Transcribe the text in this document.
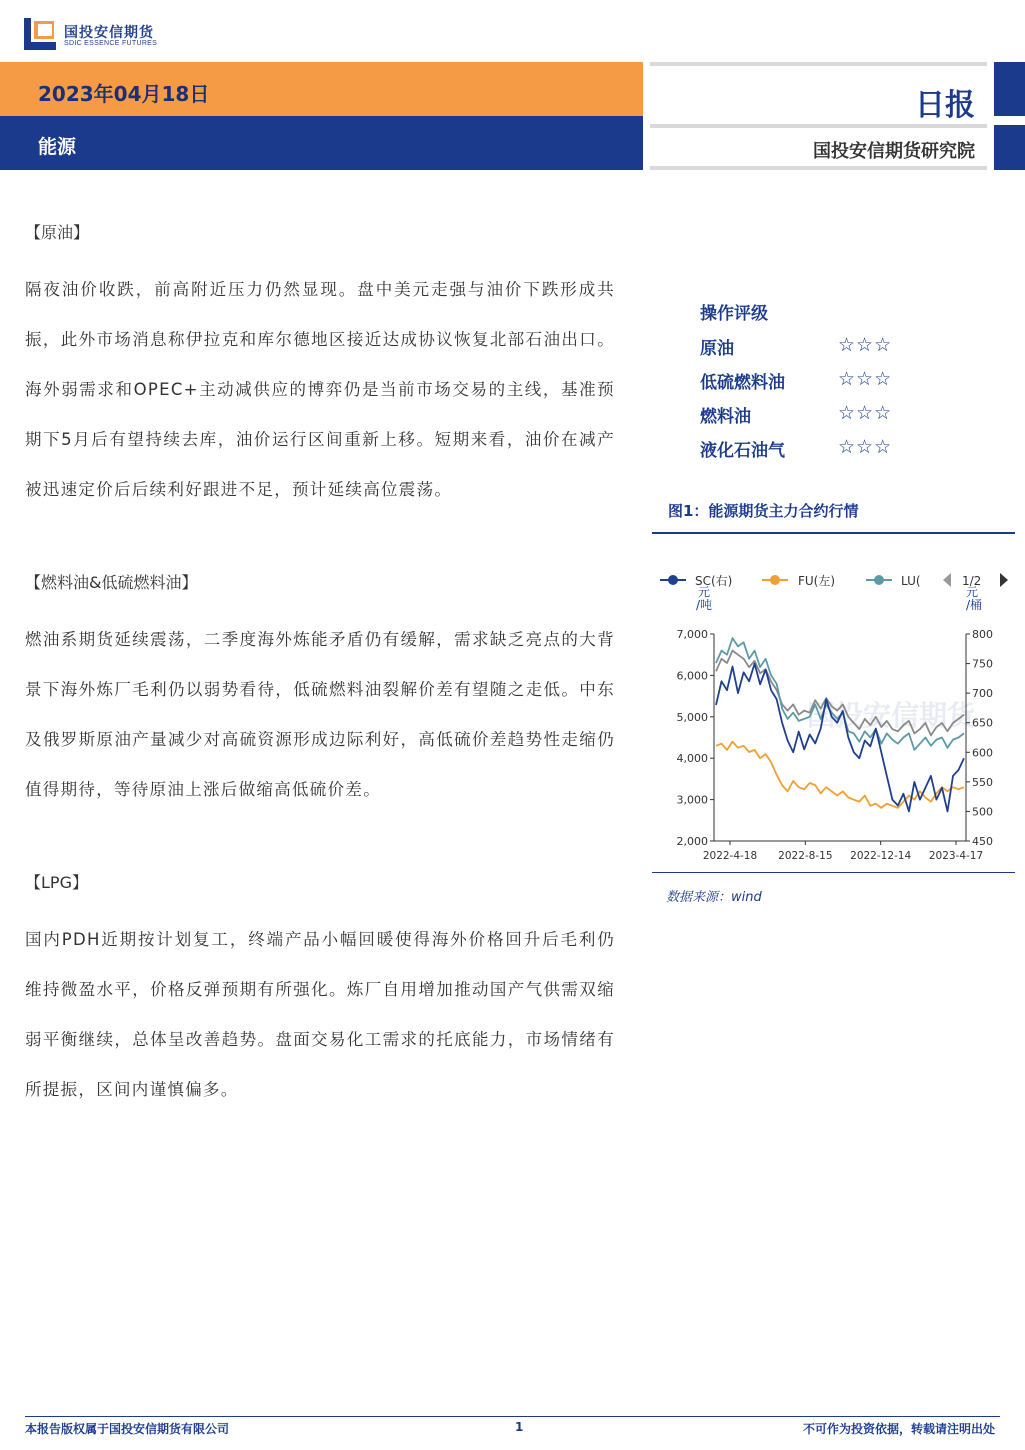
国投安信期货
SDIC ESSENCE FUTURES
2023年04月18日
能源
日报
国投安信期货研究院
【原油】

隔夜油价收跌，前高附近压力仍然显现。盘中美元走强与油价下跌形成共振，此外市场消息称伊拉克和库尔德地区接近达成协议恢复北部石油出口。海外弱需求和OPEC+主动减供应的博弈仍是当前市场交易的主线，基准预期下5月后有望持续去库，油价运行区间重新上移。短期来看，油价在减产被迅速定价后后续利好跟进不足，预计延续高位震荡。

【燃料油&低硫燃料油】

燃油系期货延续震荡，二季度海外炼能矛盾仍有缓解，需求缺乏亮点的大背景下海外炼厂毛利仍以弱势看待，低硫燃料油裂解价差有望随之走低。中东及俄罗斯原油产量减少对高硫资源形成边际利好，高低硫价差趋势性走缩仍值得期待，等待原油上涨后做缩高低硫价差。

【LPG】

国内PDH近期按计划复工，终端产品小幅回暖使得海外价格回升后毛利仍维持微盈水平，价格反弹预期有所强化。炼厂自用增加推动国产气供需双缩弱平衡继续，总体呈改善趋势。盘面交易化工需求的托底能力，市场情绪有所提振，区间内谨慎偏多。

操作评级
原油	☆☆☆
低硫燃料油	☆☆☆
燃料油	☆☆☆
液化石油气	☆☆☆
图1：能源期货主力合约行情
国投安信期货
SC(右)	FU(左)	LU(	1/2
元
/吨
元
/桶
7,000
6,000
5,000
4,000
3,000
2,000
800
750
700
650
600
550
500
450
2022-4-18 2022-8-15 2022-12-14 2023-4-17
数据来源：wind
本报告版权属于国投安信期货有限公司	1	不可作为投资依据，转载请注明出处
